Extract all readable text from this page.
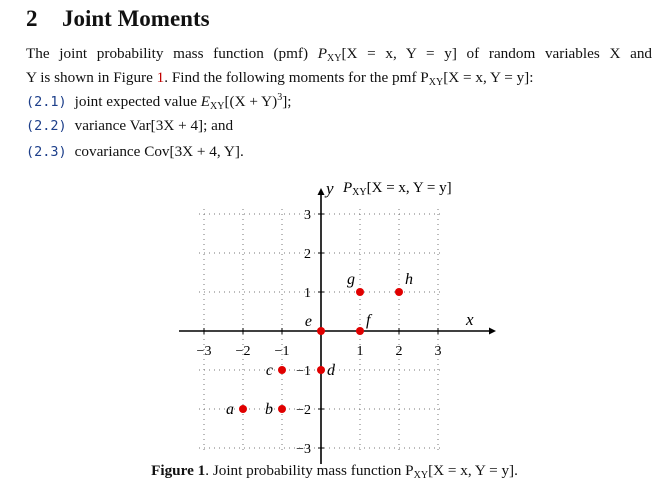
2 Joint Moments
The joint probability mass function (pmf) $P_{XY}[X = x$, Y = y] of random variables X and
Y is shown in Figure 1. Find the following moments for the pmf $P_{XY}[X = x$, Y = y]:
(2.1) joint expected value $E_{XY}[(X + Y)^3]$;
(2.2) variance Var[3X + 4]; and
(2.3) covariance Cov[3X + 4, Y].
−3 −2 −1	1 2 3
3
2
1
−1
−2
−3
a b
c	d
e	f
g	h
y
x
$P_{XY}[X = x$, Y = y]
Figure 1. Joint probability mass function $P_{XY}[X = x$, Y = y].
